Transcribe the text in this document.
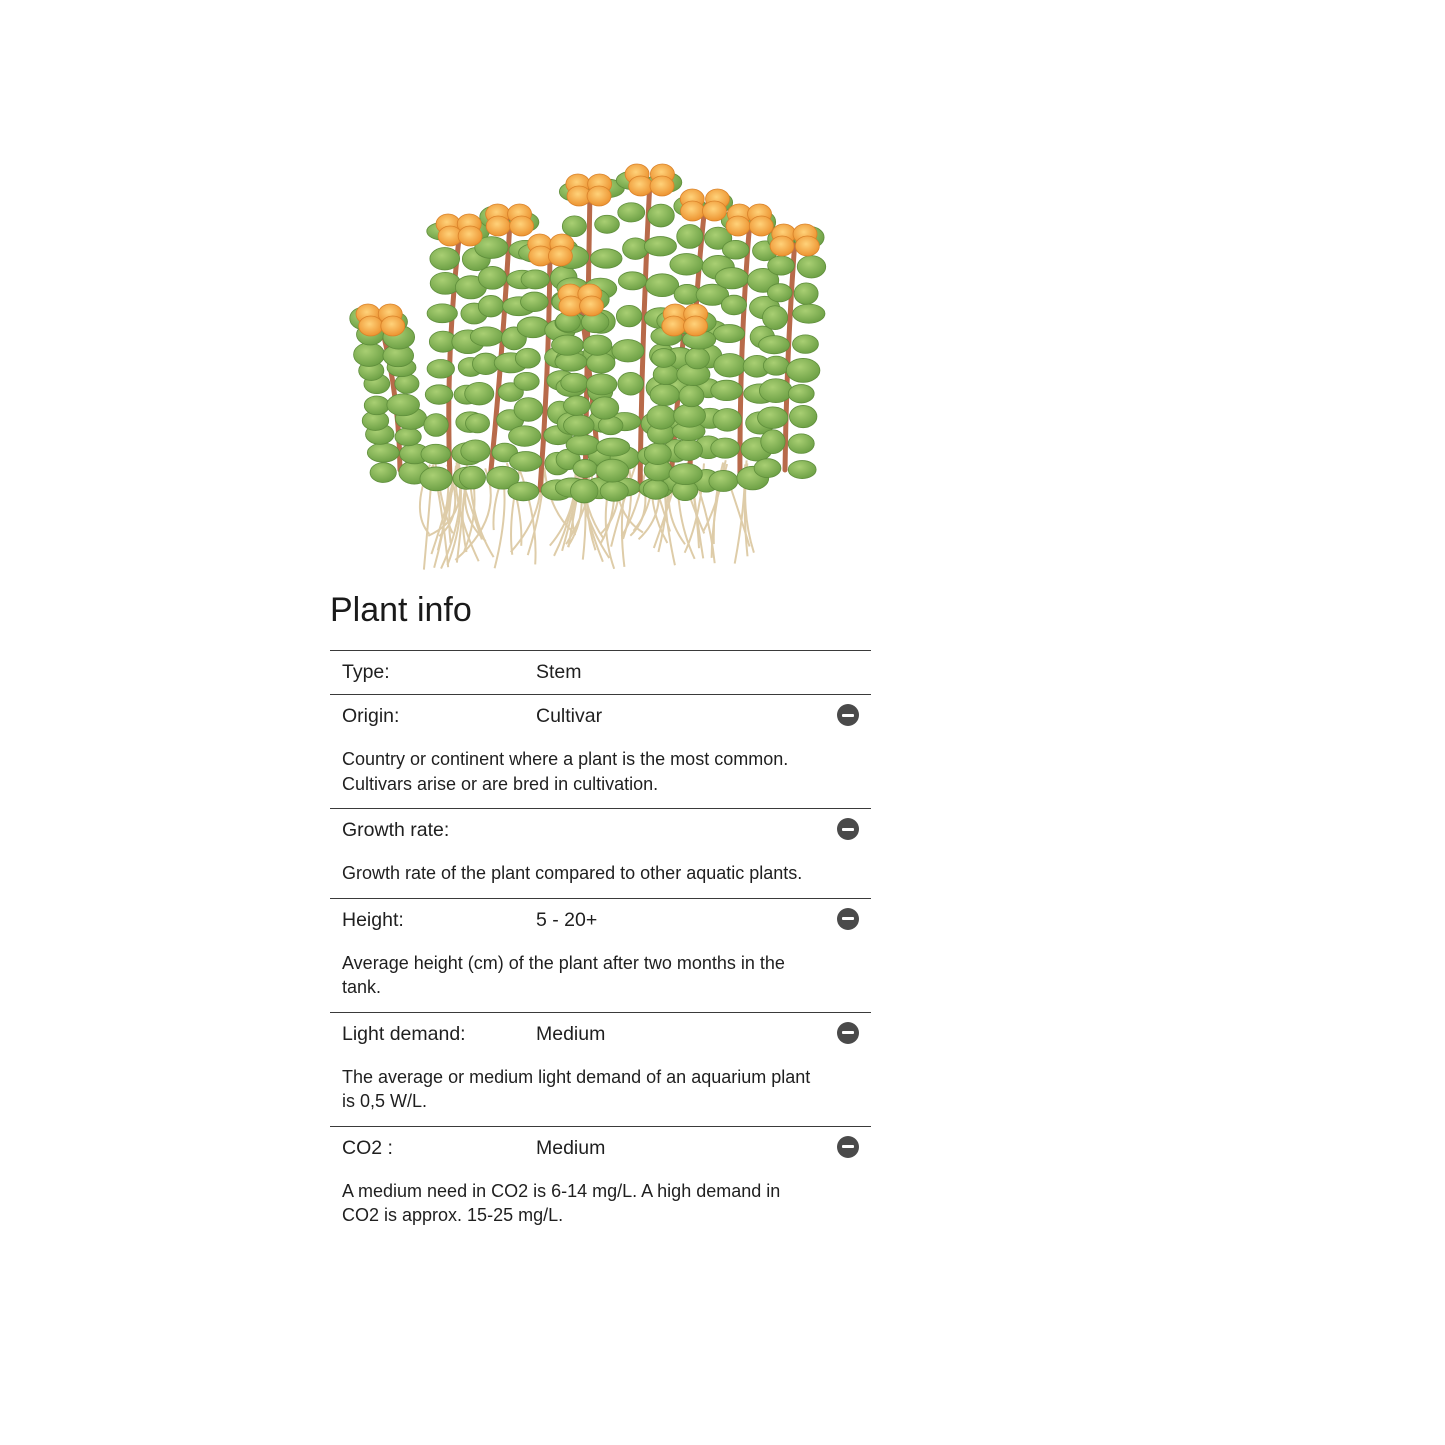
Plant info
Type:	Stem
Origin:	Cultivar
Country or continent where a plant is the most common. Cultivars arise or are bred in cultivation.
Growth rate:
Growth rate of the plant compared to other aquatic plants.
Height:	5 - 20+
Average height (cm) of the plant after two months in the tank.
Light demand:	Medium
The average or medium light demand of an aquarium plant is 0,5 W/L.
CO2 :	Medium
A medium need in CO2 is 6-14 mg/L. A high demand in CO2 is approx. 15-25 mg/L.
